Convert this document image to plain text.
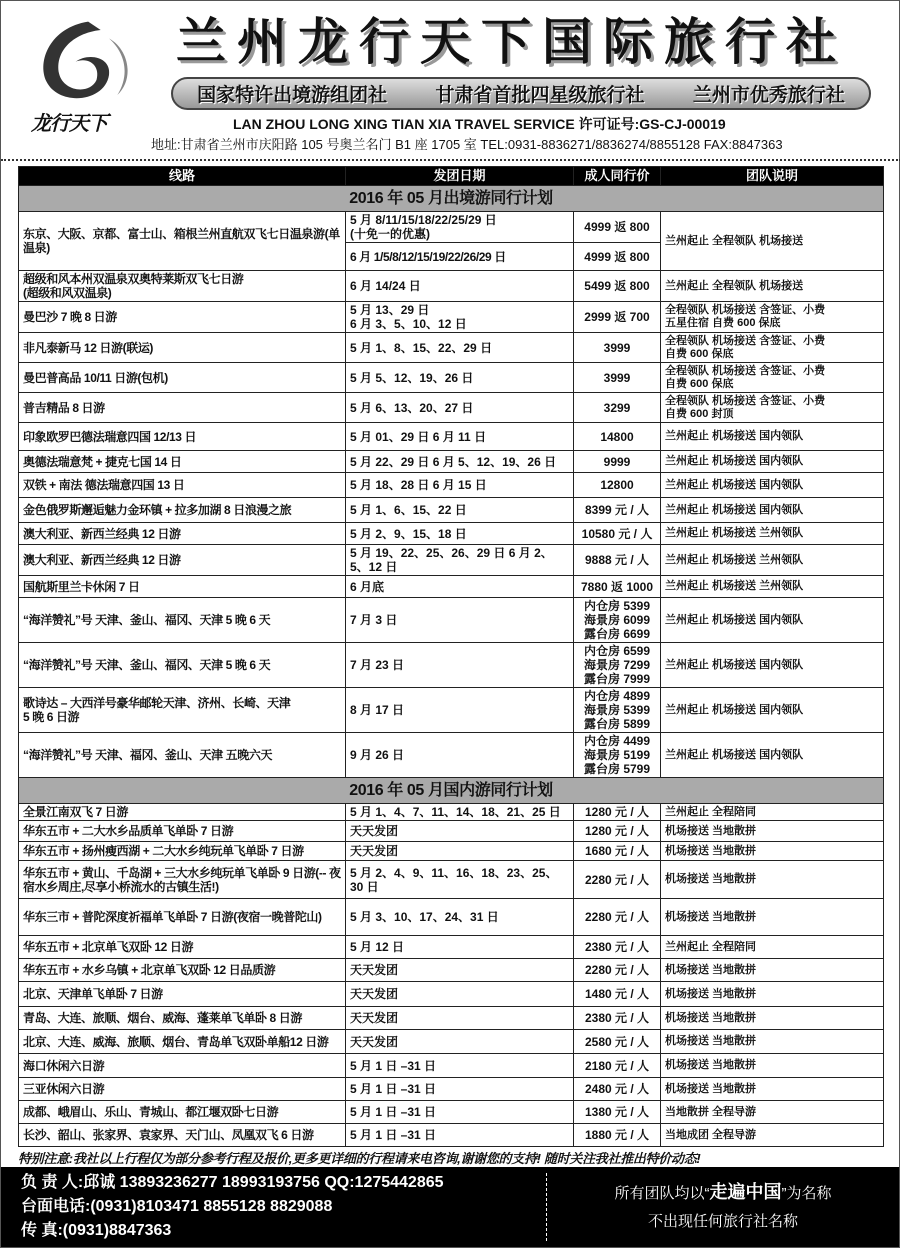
龙行天下
兰州龙行天下国际旅行社
国家特许出境游组团社	甘肃省首批四星级旅行社	兰州市优秀旅行社
LAN ZHOU LONG XING TIAN XIA TRAVEL SERVICE 许可证号:GS-CJ-00019
地址:甘肃省兰州市庆阳路 105 号奥兰名门 B1 座 1705 室 TEL:0931-8836271/8836274/8855128 FAX:8847363
线路	发团日期	成人同行价	团队说明
2016 年 05 月出境游同行计划			
东京、大阪、京都、富士山、箱根兰州直航双飞七日温泉游(单温泉)	5 月 8/11/15/18/22/25/29 日
(十免一的优惠)	4999 返 800	兰州起止 全程领队 机场接送
	6 月 1/5/8/12/15/19/22/26/29 日	4999 返 800	
超级和风本州双温泉双奥特莱斯双飞七日游
(超级和风双温泉)	6 月 14/24 日	5499 返 800	兰州起止 全程领队 机场接送
曼巴沙 7 晚 8 日游	5 月 13、29 日
6 月 3、5、10、12 日	2999 返 700	全程领队 机场接送 含签证、小费
五星住宿 自费 600 保底
非凡泰新马 12 日游(联运)	5 月 1、8、15、22、29 日	3999	全程领队 机场接送 含签证、小费
自费 600 保底
曼巴普高品 10/11 日游(包机)	5 月 5、12、19、26 日	3999	全程领队 机场接送 含签证、小费
自费 600 保底
普吉精品 8 日游	5 月 6、13、20、27 日	3299	全程领队 机场接送 含签证、小费
自费 600 封顶
印象欧罗巴德法瑞意四国 12/13 日	5 月 01、29 日 6 月 11 日	14800	兰州起止 机场接送 国内领队
奥德法瑞意梵 + 捷克七国 14 日	5 月 22、29 日 6 月 5、12、19、26 日	9999	兰州起止 机场接送 国内领队
双铁 + 南法 德法瑞意四国 13 日	5 月 18、28 日 6 月 15 日	12800	兰州起止 机场接送 国内领队
金色俄罗斯邂逅魅力金环镇 + 拉多加湖 8 日浪漫之旅	5 月 1、6、15、22 日	8399 元 / 人	兰州起止 机场接送 国内领队
澳大利亚、新西兰经典 12 日游	5 月 2、9、15、18 日	10580 元 / 人	兰州起止 机场接送 兰州领队
澳大利亚、新西兰经典 12 日游	5 月 19、22、25、26、29 日 6 月 2、5、12 日	9888 元 / 人	兰州起止 机场接送 兰州领队
国航斯里兰卡休闲 7 日	6 月底	7880 返 1000	兰州起止 机场接送 兰州领队
“海洋赞礼”号 天津、釜山、福冈、天津 5 晚 6 天	7 月 3 日	内仓房 5399
海景房 6099
露台房 6699	兰州起止 机场接送 国内领队
“海洋赞礼”号 天津、釜山、福冈、天津 5 晚 6 天	7 月 23 日	内仓房 6599
海景房 7299
露台房 7999	兰州起止 机场接送 国内领队
歌诗达 – 大西洋号豪华邮轮天津、济州、长崎、天津
5 晚 6 日游	8 月 17 日	内仓房 4899
海景房 5399
露台房 5899	兰州起止 机场接送 国内领队
“海洋赞礼”号 天津、福冈、釜山、天津 五晚六天	9 月 26 日	内仓房 4499
海景房 5199
露台房 5799	兰州起止 机场接送 国内领队
2016 年 05 月国内游同行计划			
全景江南双飞 7 日游	5 月 1、4、7、11、14、18、21、25 日	1280 元 / 人	兰州起止 全程陪同
华东五市 + 二大水乡品质单飞单卧 7 日游	天天发团	1280 元 / 人	机场接送 当地散拼
华东五市 + 扬州瘦西湖 + 二大水乡纯玩单飞单卧 7 日游	天天发团	1680 元 / 人	机场接送 当地散拼
华东五市 + 黄山、千岛湖 + 三大水乡纯玩单飞单卧 9 日游(-- 夜宿水乡周庄,尽享小桥流水的古镇生活!)	5 月 2、4、9、11、16、18、23、25、30 日	2280 元 / 人	机场接送 当地散拼
华东三市 + 普陀深度祈福单飞单卧 7 日游(夜宿一晚普陀山)	5 月 3、10、17、24、31 日	2280 元 / 人	机场接送 当地散拼
华东五市 + 北京单飞双卧 12 日游	5 月 12 日	2380 元 / 人	兰州起止 全程陪同
华东五市 + 水乡乌镇 + 北京单飞双卧 12 日品质游	天天发团	2280 元 / 人	机场接送 当地散拼
北京、天津单飞单卧 7 日游	天天发团	1480 元 / 人	机场接送 当地散拼
青岛、大连、旅顺、烟台、威海、蓬莱单飞单卧 8 日游	天天发团	2380 元 / 人	机场接送 当地散拼
北京、大连、威海、旅顺、烟台、青岛单飞双卧单船12 日游	天天发团	2580 元 / 人	机场接送 当地散拼
海口休闲六日游	5 月 1 日 –31 日	2180 元 / 人	机场接送 当地散拼
三亚休闲六日游	5 月 1 日 –31 日	2480 元 / 人	机场接送 当地散拼
成都、峨眉山、乐山、青城山、都江堰双卧七日游	5 月 1 日 –31 日	1380 元 / 人	当地散拼 全程导游
长沙、韶山、张家界、袁家界、天门山、凤凰双飞 6 日游	5 月 1 日 –31 日	1880 元 / 人	当地成团 全程导游
特别注意:我社以上行程仅为部分参考行程及报价,更多更详细的行程请来电咨询,谢谢您的支持! 随时关注我社推出特价动态!
负 责 人:邱诚 13893236277 18993193756 QQ:1275442865
台面电话:(0931)8103471 8855128 8829088
传 真:(0931)8847363
所有团队均以“走遍中国”为名称
不出现任何旅行社名称
